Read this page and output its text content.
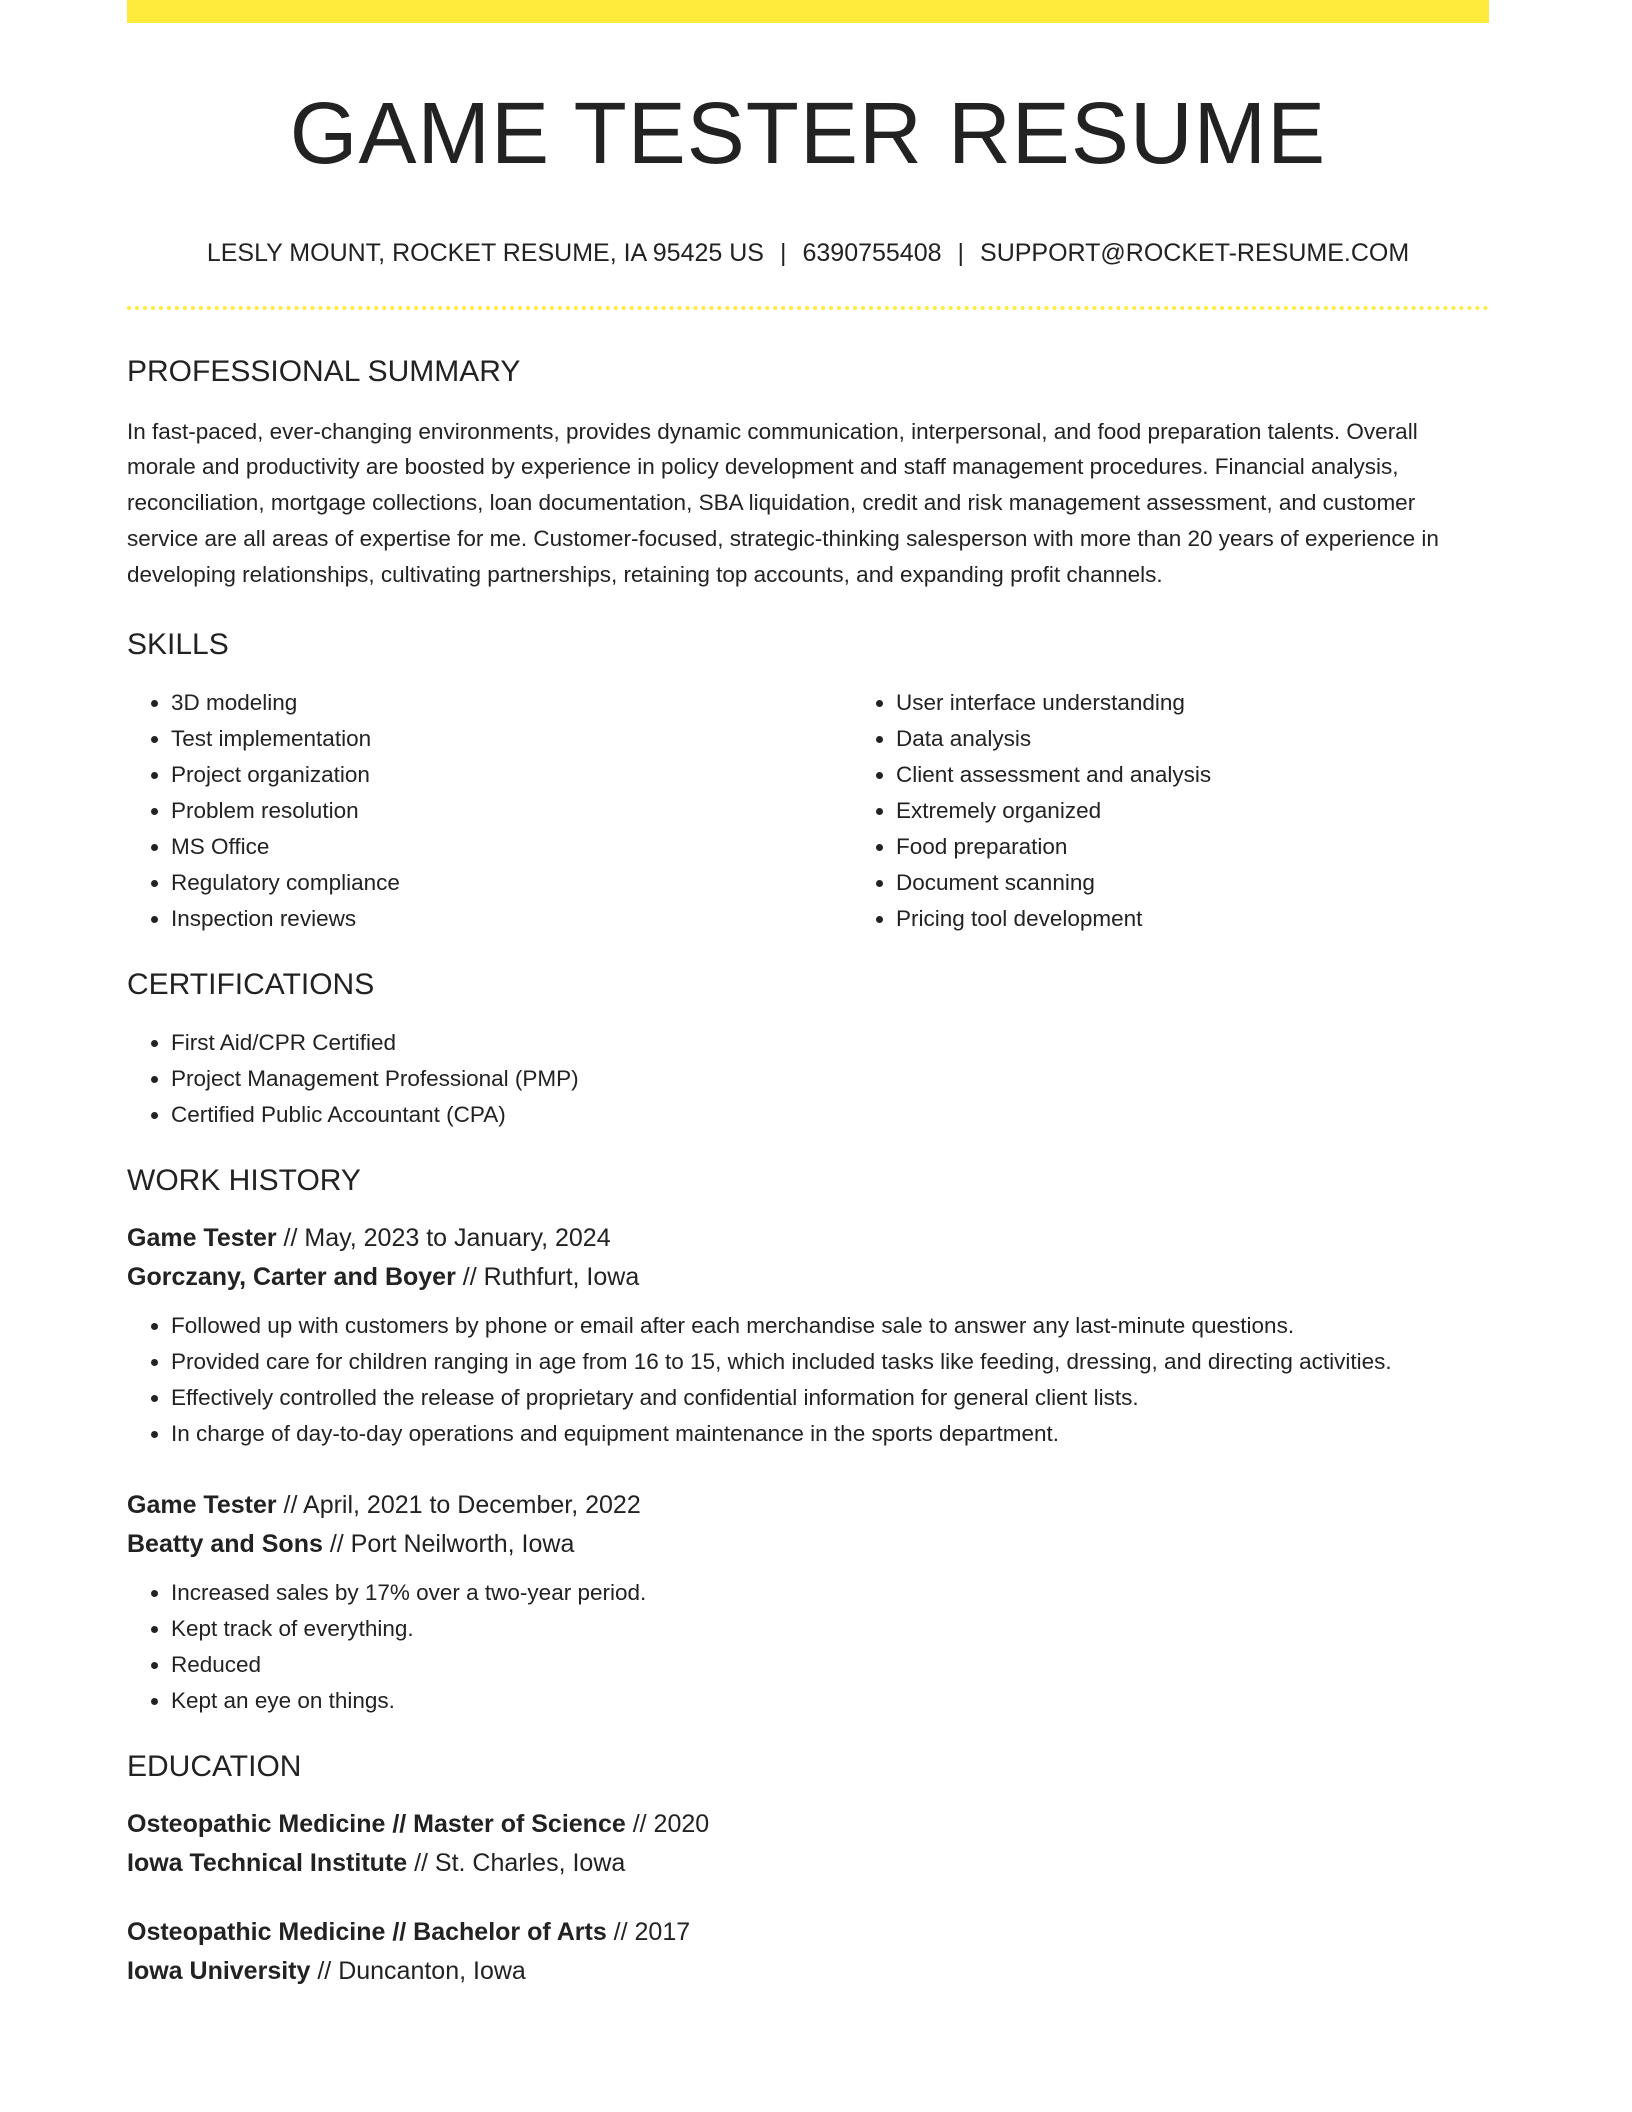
GAME TESTER RESUME
LESLY MOUNT, ROCKET RESUME, IA 95425 US | 6390755408 | SUPPORT@ROCKET-RESUME.COM
PROFESSIONAL SUMMARY

In fast-paced, ever-changing environments, provides dynamic communication, interpersonal, and food preparation talents. Overall morale and productivity are boosted by experience in policy development and staff management procedures. Financial analysis, reconciliation, mortgage collections, loan documentation, SBA liquidation, credit and risk management assessment, and customer service are all areas of expertise for me. Customer-focused, strategic-thinking salesperson with more than 20 years of experience in developing relationships, cultivating partnerships, retaining top accounts, and expanding profit channels.

SKILLS
• 3D modeling
• Test implementation
• Project organization
• Problem resolution
• MS Office
• Regulatory compliance
• Inspection reviews
• User interface understanding
• Data analysis
• Client assessment and analysis
• Extremely organized
• Food preparation
• Document scanning
• Pricing tool development
CERTIFICATIONS
• First Aid/CPR Certified
• Project Management Professional (PMP)
• Certified Public Accountant (CPA)
WORK HISTORY
Game Tester // May, 2023 to January, 2024
Gorczany, Carter and Boyer // Ruthfurt, Iowa
• Followed up with customers by phone or email after each merchandise sale to answer any last-minute questions.
• Provided care for children ranging in age from 16 to 15, which included tasks like feeding, dressing, and directing activities.
• Effectively controlled the release of proprietary and confidential information for general client lists.
• In charge of day-to-day operations and equipment maintenance in the sports department.
Game Tester // April, 2021 to December, 2022
Beatty and Sons // Port Neilworth, Iowa
• Increased sales by 17% over a two-year period.
• Kept track of everything.
• Reduced
• Kept an eye on things.
EDUCATION
Osteopathic Medicine // Master of Science // 2020
Iowa Technical Institute // St. Charles, Iowa
Osteopathic Medicine // Bachelor of Arts // 2017
Iowa University // Duncanton, Iowa
